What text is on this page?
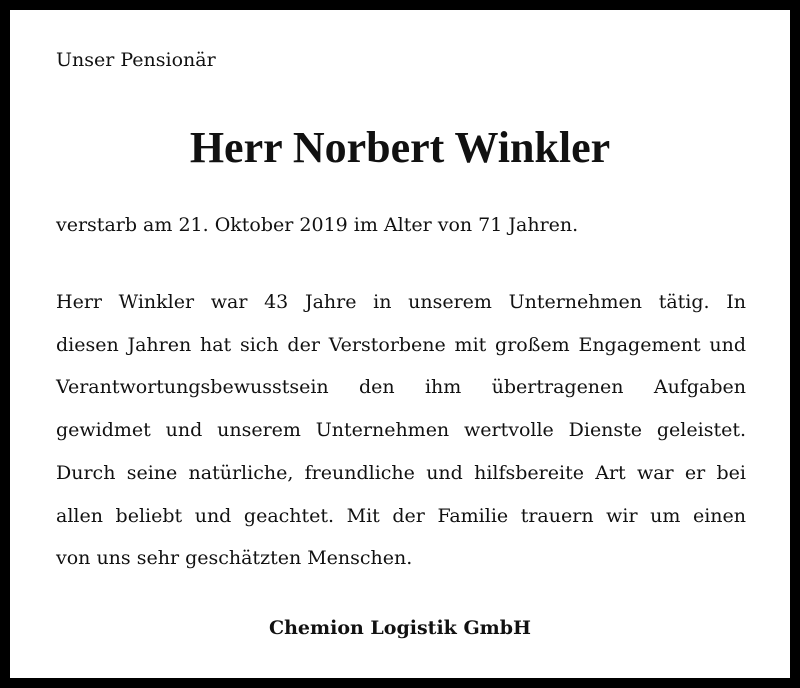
Unser Pensionär

Herr Norbert Winkler

verstarb am 21. Oktober 2019 im Alter von 71 Jahren.

Herr Winkler war 43 Jahre in unserem Unternehmen tätig. In
diesen Jahren hat sich der Verstorbene mit großem Engagement und
Verantwortungsbewusstsein den ihm übertragenen Aufgaben
gewidmet und unserem Unternehmen wertvolle Dienste geleistet.
Durch seine natürliche, freundliche und hilfsbereite Art war er bei
allen beliebt und geachtet. Mit der Familie trauern wir um einen
von uns sehr geschätzten Menschen.

Chemion Logistik GmbH
